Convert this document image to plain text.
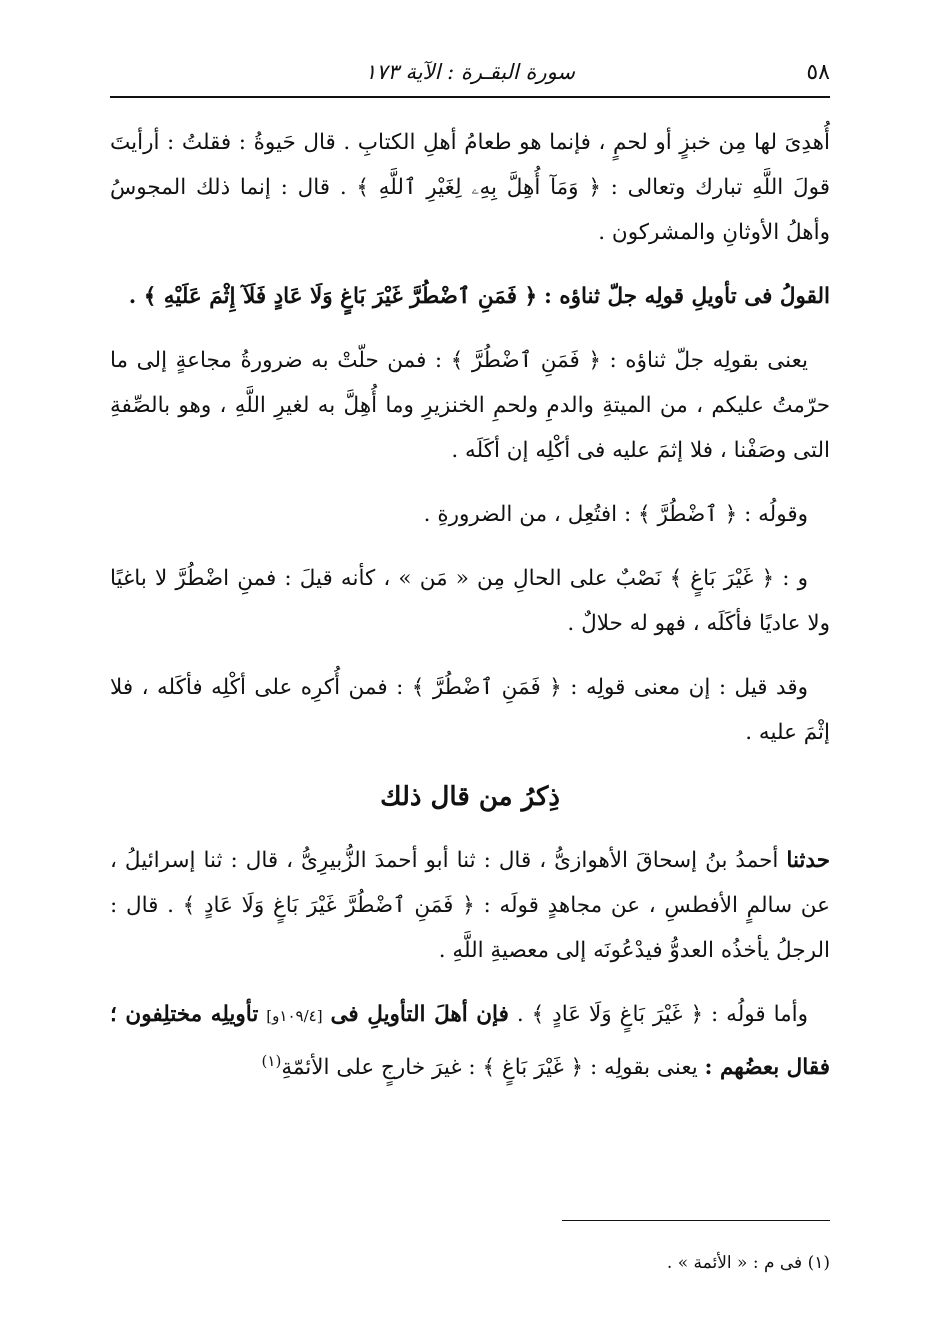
٥٨
سورة البقـرة : الآية ١٧٣

أُهدِىَ لها مِن خبزٍ أو لحمٍ ، فإنما هو طعامُ أهلِ الكتابِ . قال حَيوةُ : فقلتُ : أرأيتَ قولَ اللَّهِ تبارك وتعالى : ﴿ وَمَآ أُهِلَّ بِهِۦ لِغَيْرِ ٱللَّهِ ﴾ . قال : إنما ذلك المجوسُ وأهلُ الأوثانِ والمشركون .

القولُ فى تأويلِ قولِه جلّ ثناؤه : ﴿ فَمَنِ ٱضْطُرَّ غَيْرَ بَاغٍ وَلَا عَادٍ فَلَآ إِثْمَ عَلَيْهِ ﴾ .

يعنى بقولِه جلّ ثناؤه : ﴿ فَمَنِ ٱضْطُرَّ ﴾ : فمن حلّتْ به ضرورةُ مجاعةٍ إلى ما حرّمتُ عليكم ، من الميتةِ والدمِ ولحمِ الخنزيرِ وما أُهِلَّ به لغيرِ اللَّهِ ، وهو بالصِّفةِ التى وصَفْنا ، فلا إثمَ عليه فى أكْلِه إن أكَلَه .

وقولُه : ﴿ ٱضْطُرَّ ﴾ : افتُعِل ، من الضرورةِ .

و : ﴿ غَيْرَ بَاغٍ ﴾ نَصْبٌ على الحالِ مِن « مَن » ، كأنه قيلَ : فمنِ اضْطُرَّ لا باغيًا ولا عاديًا فأكَلَه ، فهو له حلالٌ .

وقد قيل : إن معنى قولِه : ﴿ فَمَنِ ٱضْطُرَّ ﴾ : فمن أُكرِه على أكْلِه فأكَله ، فلا إثْمَ عليه .

ذِكرُ من قال ذلك

حدثنا أحمدُ بنُ إسحاقَ الأهوازىُّ ، قال : ثنا أبو أحمدَ الزُّبيرِىُّ ، قال : ثنا إسرائيلُ ، عن سالمٍ الأفطسِ ، عن مجاهدٍ قولَه : ﴿ فَمَنِ ٱضْطُرَّ غَيْرَ بَاغٍ وَلَا عَادٍ ﴾ . قال : الرجلُ يأخذُه العدوُّ فيدْعُونَه إلى معصيةِ اللَّهِ .

وأما قولُه : ﴿ غَيْرَ بَاغٍ وَلَا عَادٍ ﴾ . فإن أهلَ التأويلِ فى [١٠٩/٤و] تأويلِه مختلِفون ؛ فقال بعضُهم : يعنى بقولِه : ﴿ غَيْرَ بَاغٍ ﴾ : غيرَ خارجٍ على الأئمّةِ$^{(١)}$

(١) فى م : « الأئمة » .
